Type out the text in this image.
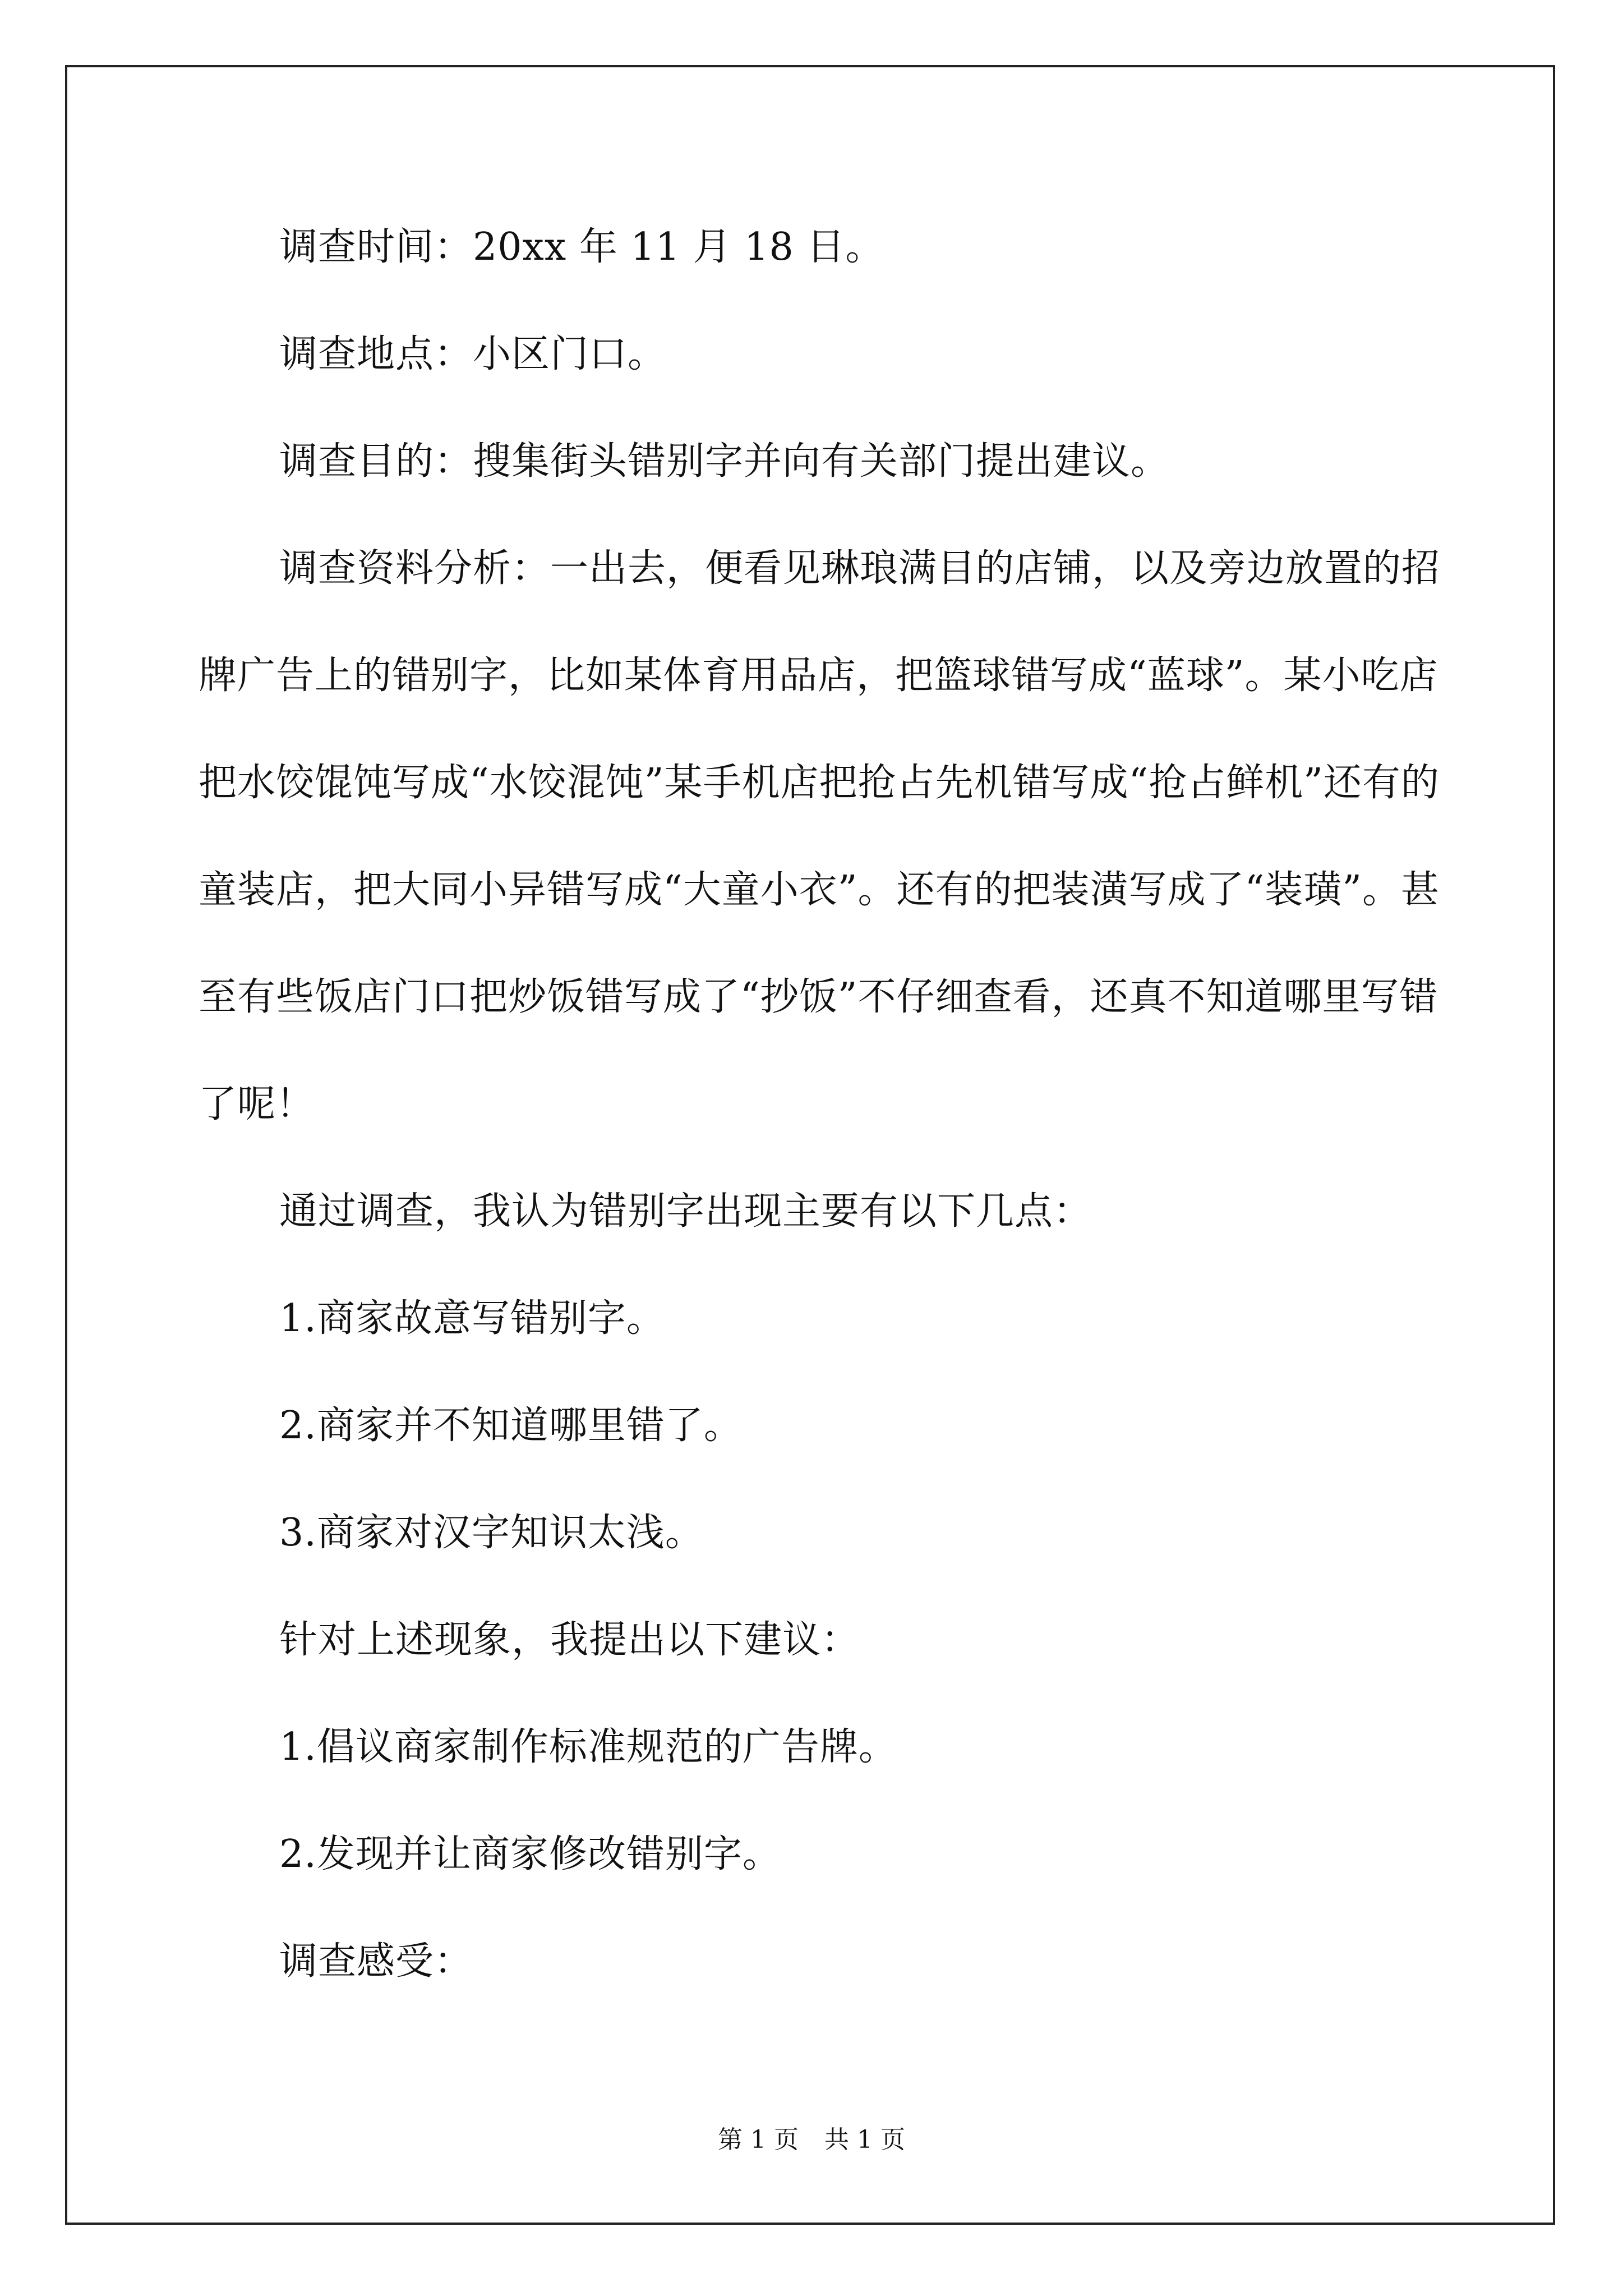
调查时间：20xx 年 11 月 18 日。

调查地点：小区门口。

调查目的：搜集街头错别字并向有关部门提出建议。

调查资料分析：一出去，便看见琳琅满目的店铺，以及旁边放置的招牌广告上的错别字，比如某体育用品店，把篮球错写成“蓝球”。某小吃店把水饺馄饨写成“水饺混饨”某手机店把抢占先机错写成“抢占鲜机”还有的童装店，把大同小异错写成“大童小衣”。还有的把装潢写成了“装璜”。甚至有些饭店门口把炒饭错写成了“抄饭”不仔细查看，还真不知道哪里写错了呢！

通过调查，我认为错别字出现主要有以下几点：

1.商家故意写错别字。

2.商家并不知道哪里错了。

3.商家对汉字知识太浅。

针对上述现象，我提出以下建议：

1.倡议商家制作标准规范的广告牌。

2.发现并让商家修改错别字。

调查感受：

第 1 页 共 1 页
